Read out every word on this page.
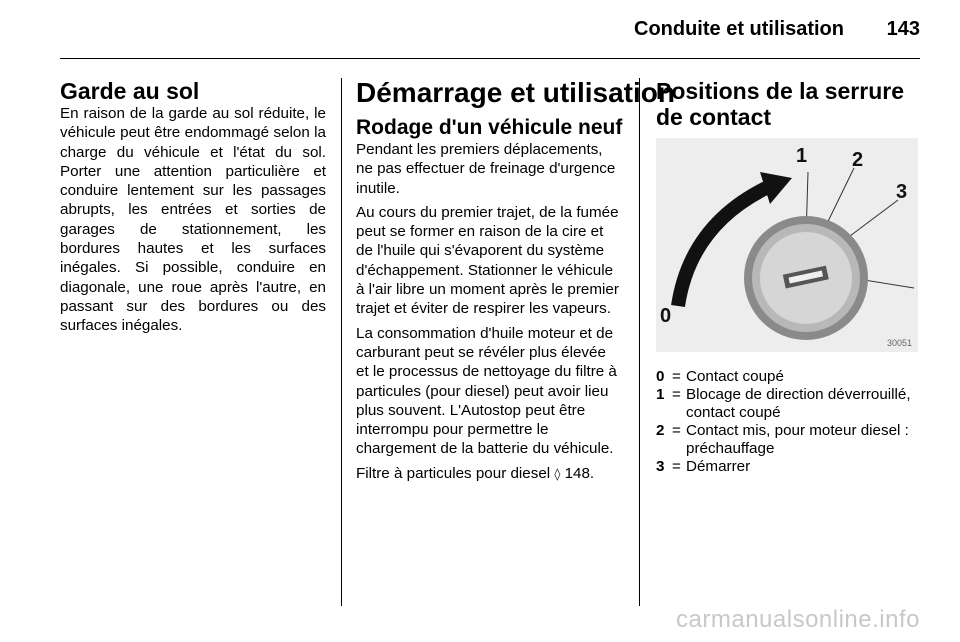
Conduite et utilisation 143
Garde au sol

En raison de la garde au sol réduite, le véhicule peut être endommagé selon la charge du véhicule et l'état du sol. Porter une attention particulière et conduire lentement sur les passages abrupts, les entrées et sorties de garages de stationnement, les bordures hautes et les surfaces inégales. Si possible, conduire en diagonale, une roue après l'autre, en passant sur des bordures ou des surfaces inégales.

Démarrage et utilisation
Rodage d'un véhicule neuf

Pendant les premiers déplacements, ne pas effectuer de freinage d'urgence inutile.

Au cours du premier trajet, de la fumée peut se former en raison de la cire et de l'huile qui s'évaporent du système d'échappement. Stationner le véhicule à l'air libre un moment après le premier trajet et éviter de respirer les vapeurs.

La consommation d'huile moteur et de carburant peut se révéler plus élevée et le processus de nettoyage du filtre à particules (pour diesel) peut avoir lieu plus souvent. L'Autostop peut être interrompu pour permettre le chargement de la batterie du véhicule.

Filtre à particules pour diesel ◊ 148.

Positions de la serrure de contact
0
1 2
3
30051
0 = Contact coupé
1 = Blocage de direction déverrouillé, contact coupé
2 = Contact mis, pour moteur diesel : préchauffage
3 = Démarrer
carmanualsonline.info
